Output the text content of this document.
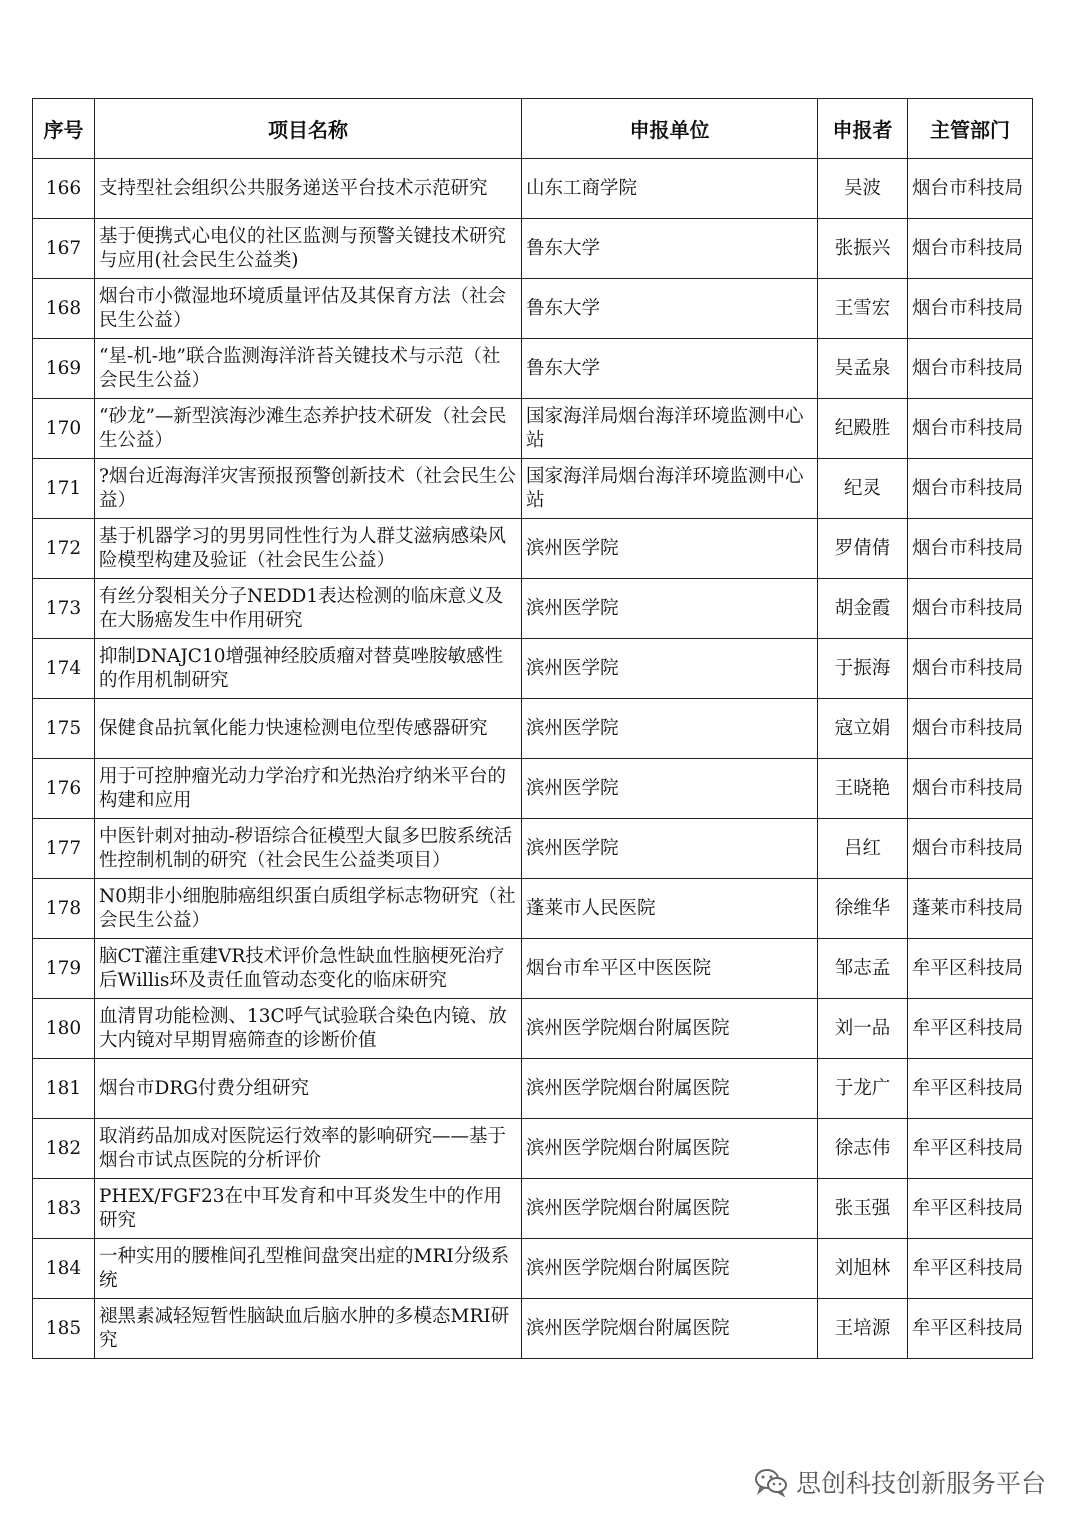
序号	项目名称	申报单位	申报者	主管部门

166	支持型社会组织公共服务递送平台技术示范研究	山东工商学院	吴波	烟台市科技局

167	基于便携式心电仪的社区监测与预警关键技术研究与应用(社会民生公益类)	鲁东大学	张振兴	烟台市科技局

168	烟台市小微湿地环境质量评估及其保育方法（社会民生公益）	鲁东大学	王雪宏	烟台市科技局

169	“星-机-地”联合监测海洋浒苔关键技术与示范（社会民生公益）	鲁东大学	吴孟泉	烟台市科技局

170	“砂龙”—新型滨海沙滩生态养护技术研发（社会民生公益）	国家海洋局烟台海洋环境监测中心站	纪殿胜	烟台市科技局

171	?烟台近海海洋灾害预报预警创新技术（社会民生公益）	国家海洋局烟台海洋环境监测中心站	纪灵	烟台市科技局

172	基于机器学习的男男同性性行为人群艾滋病感染风险模型构建及验证（社会民生公益）	滨州医学院	罗倩倩	烟台市科技局

173	有丝分裂相关分子NEDD1表达检测的临床意义及在大肠癌发生中作用研究	滨州医学院	胡金霞	烟台市科技局

174	抑制DNAJC10增强神经胶质瘤对替莫唑胺敏感性的作用机制研究	滨州医学院	于振海	烟台市科技局

175	保健食品抗氧化能力快速检测电位型传感器研究	滨州医学院	寇立娟	烟台市科技局

176	用于可控肿瘤光动力学治疗和光热治疗纳米平台的构建和应用	滨州医学院	王晓艳	烟台市科技局

177	中医针刺对抽动-秽语综合征模型大鼠多巴胺系统活性控制机制的研究（社会民生公益类项目）	滨州医学院	吕红	烟台市科技局

178	N0期非小细胞肺癌组织蛋白质组学标志物研究（社会民生公益）	蓬莱市人民医院	徐维华	蓬莱市科技局

179	脑CT灌注重建VR技术评价急性缺血性脑梗死治疗后Willis环及责任血管动态变化的临床研究	烟台市牟平区中医医院	邹志孟	牟平区科技局

180	血清胃功能检测、13C呼气试验联合染色内镜、放大内镜对早期胃癌筛查的诊断价值	滨州医学院烟台附属医院	刘一品	牟平区科技局

181	烟台市DRG付费分组研究	滨州医学院烟台附属医院	于龙广	牟平区科技局

182	取消药品加成对医院运行效率的影响研究——基于烟台市试点医院的分析评价	滨州医学院烟台附属医院	徐志伟	牟平区科技局

183	PHEX/FGF23在中耳发育和中耳炎发生中的作用研究	滨州医学院烟台附属医院	张玉强	牟平区科技局

184	一种实用的腰椎间孔型椎间盘突出症的MRI分级系统	滨州医学院烟台附属医院	刘旭林	牟平区科技局

185	褪黑素减轻短暂性脑缺血后脑水肿的多模态MRI研究	滨州医学院烟台附属医院	王培源	牟平区科技局
思创科技创新服务平台
